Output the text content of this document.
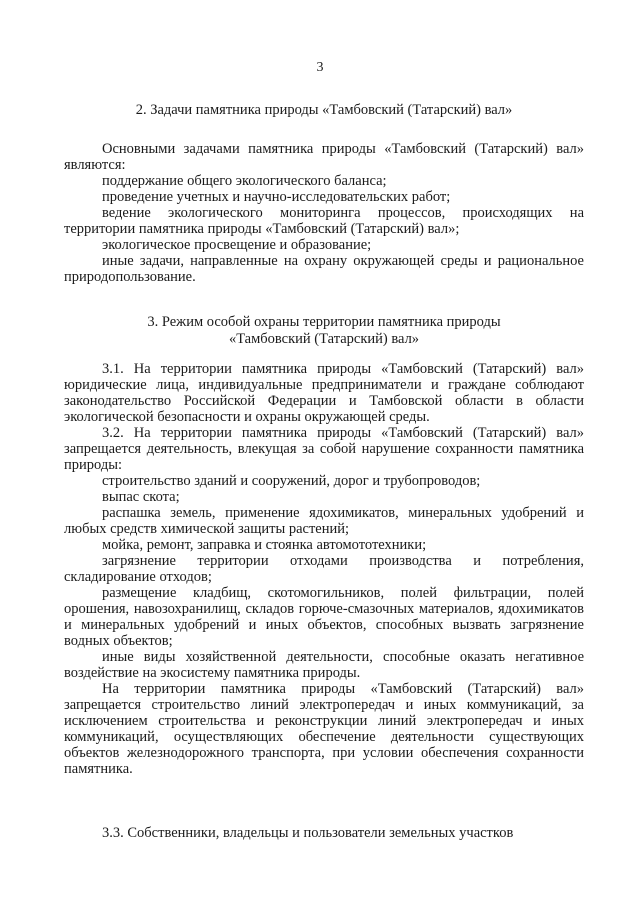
3
2. Задачи памятника природы «Тамбовский (Татарский) вал»

Основными задачами памятника природы «Тамбовский (Татарский) вал» являются:

поддержание общего экологического баланса;

проведение учетных и научно-исследовательских работ;

ведение экологического мониторинга процессов, происходящих на территории памятника природы «Тамбовский (Татарский) вал»;

экологическое просвещение и образование;

иные задачи, направленные на охрану окружающей среды и рациональное природопользование.

3. Режим особой охраны территории памятника природы
«Тамбовский (Татарский) вал»

3.1. На территории памятника природы «Тамбовский (Татарский) вал» юридические лица, индивидуальные предприниматели и граждане соблюдают законодательство Российской Федерации и Тамбовской области в области экологической безопасности и охраны окружающей среды.

3.2. На территории памятника природы «Тамбовский (Татарский) вал» запрещается деятельность, влекущая за собой нарушение сохранности памятника природы:

строительство зданий и сооружений, дорог и трубопроводов;

выпас скота;

распашка земель, применение ядохимикатов, минеральных удобрений и любых средств химической защиты растений;

мойка, ремонт, заправка и стоянка автомототехники;

загрязнение территории отходами производства и потребления, складирование отходов;

размещение кладбищ, скотомогильников, полей фильтрации, полей орошения, навозохранилищ, складов горюче-смазочных материалов, ядохимикатов и минеральных удобрений и иных объектов, способных вызвать загрязнение водных объектов;

иные виды хозяйственной деятельности, способные оказать негативное воздействие на экосистему памятника природы.

На территории памятника природы «Тамбовский (Татарский) вал» запрещается строительство линий электропередач и иных коммуникаций, за исключением строительства и реконструкции линий электропередач и иных коммуникаций, осуществляющих обеспечение деятельности существующих объектов железнодорожного транспорта, при условии обеспечения сохранности памятника.

3.3. Собственники, владельцы и пользователи земельных участков
